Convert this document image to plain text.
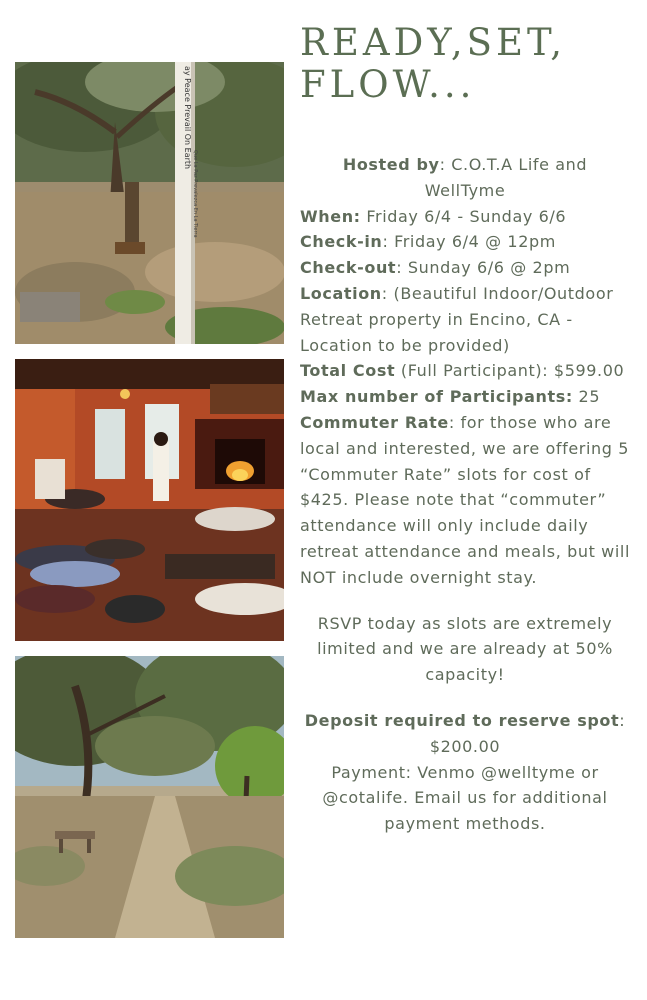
ay Peace Prevail On Earth
Que La Paz Prevalezca En La Tierra
READY,SET,
FLOW...
Hosted by: C.O.T.A Life and WellTyme
When: Friday 6/4 - Sunday 6/6
Check-in: Friday 6/4 @ 12pm
Check-out: Sunday 6/6 @ 2pm
Location: (Beautiful Indoor/Outdoor Retreat property in Encino, CA - Location to be provided)
Total Cost (Full Participant): $599.00
Max number of Participants: 25
Commuter Rate: for those who are local and interested, we are offering 5 “Commuter Rate” slots for cost of $425. Please note that “commuter” attendance will only include daily retreat attendance and meals, but will NOT include overnight stay.
RSVP today as slots are extremely limited and we are already at 50% capacity!
Deposit required to reserve spot: $200.00
Payment: Venmo @welltyme or @cotalife. Email us for additional payment methods.
